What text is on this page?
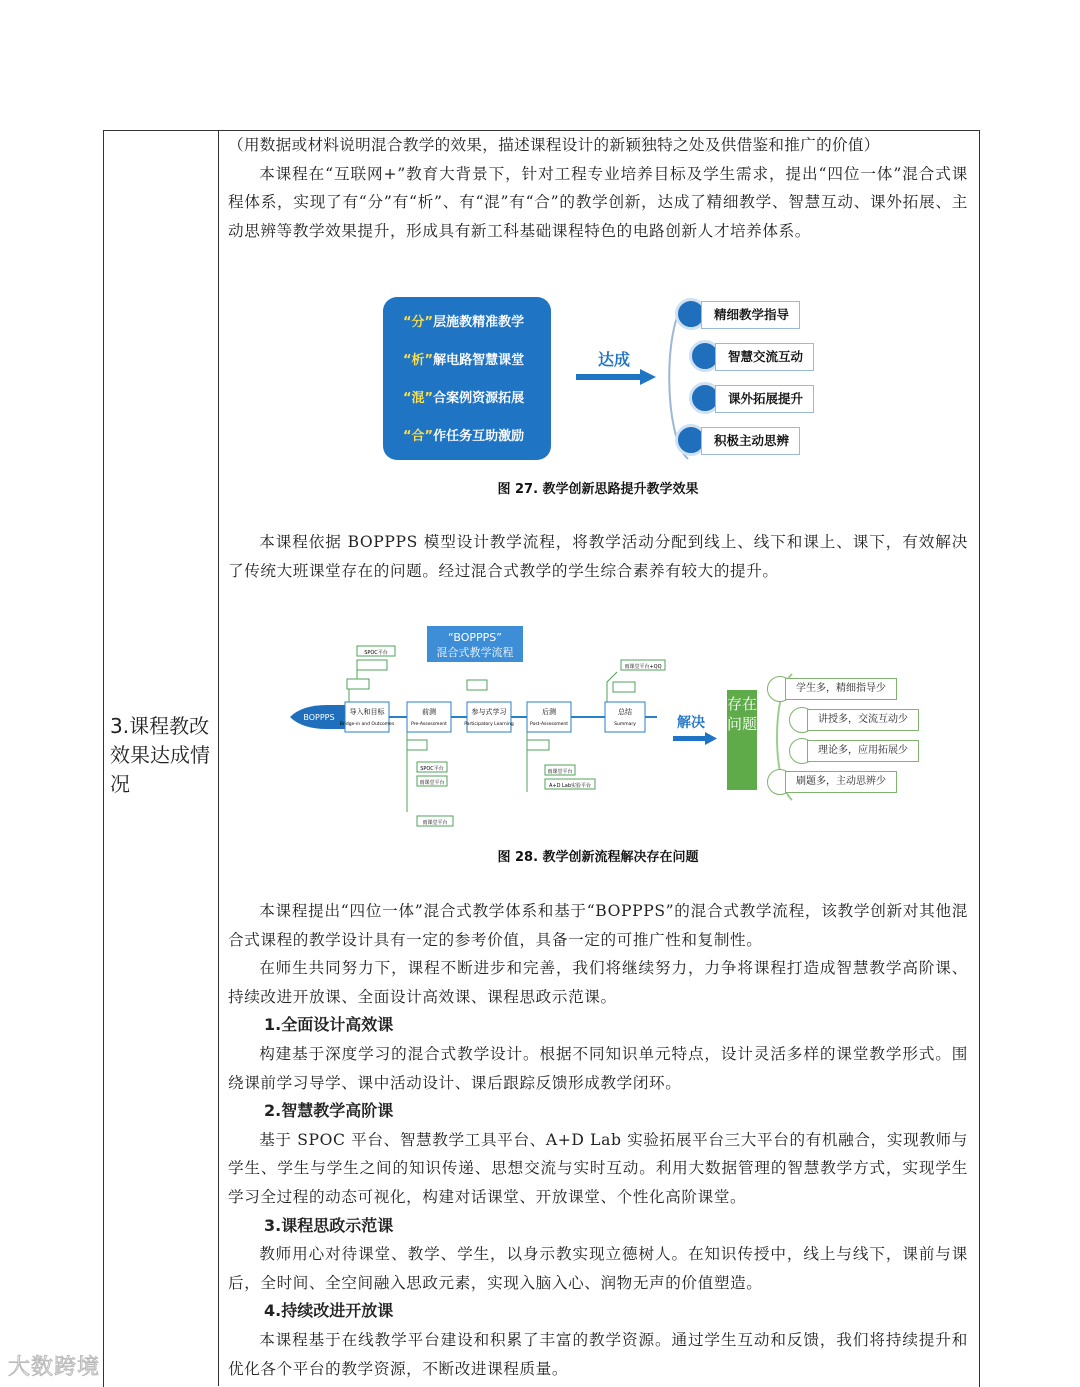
3.课程教改效果达成情况

（用数据或材料说明混合教学的效果，描述课程设计的新颖独特之处及供借鉴和推广的价值）

本课程在“互联网+”教育大背景下，针对工程专业培养目标及学生需求，提出“四位一体”混合式课程体系，实现了有“分”有“析”、有“混”有“合”的教学创新，达成了精细教学、智慧互动、课外拓展、主动思辨等教学效果提升，形成具有新工科基础课程特色的电路创新人才培养体系。

“分”层施教精准教学
“析”解电路智慧课堂
“混”合案例资源拓展
“合”作任务互助激励
达成
精细教学指导
智慧交流互动
课外拓展提升
积极主动思辨
图 27. 教学创新思路提升教学效果

本课程依据 BOPPPS 模型设计教学流程，将教学活动分配到线上、线下和课上、课下，有效解决了传统大班课堂存在的问题。经过混合式教学的学生综合素养有较大的提升。

“BOPPPS”
混合式教学流程
BOPPPS
导入和目标
Bridge-in and Outcomes
前测
Pre-Assessment
参与式学习
Participatory Learning
后测
Post-Assessment
总结
Summary
SPOC平台
雨课堂平台+QQ
SPOC平台
雨课堂平台
雨课堂平台
雨课堂平台
A+D Lab实验平台
解决
存在问题
学生多，精细指导少
讲授多，交流互动少
理论多，应用拓展少
刷题多，主动思辨少
图 28. 教学创新流程解决存在问题

本课程提出“四位一体”混合式教学体系和基于“BOPPPS”的混合式教学流程，该教学创新对其他混合式课程的教学设计具有一定的参考价值，具备一定的可推广性和复制性。

在师生共同努力下，课程不断进步和完善，我们将继续努力，力争将课程打造成智慧教学高阶课、持续改进开放课、全面设计高效课、课程思政示范课。

1.全面设计高效课

构建基于深度学习的混合式教学设计。根据不同知识单元特点，设计灵活多样的课堂教学形式。围绕课前学习导学、课中活动设计、课后跟踪反馈形成教学闭环。

2.智慧教学高阶课

基于 SPOC 平台、智慧教学工具平台、A+D Lab 实验拓展平台三大平台的有机融合，实现教师与学生、学生与学生之间的知识传递、思想交流与实时互动。利用大数据管理的智慧教学方式，实现学生学习全过程的动态可视化，构建对话课堂、开放课堂、个性化高阶课堂。

3.课程思政示范课

教师用心对待课堂、教学、学生，以身示教实现立德树人。在知识传授中，线上与线下，课前与课后，全时间、全空间融入思政元素，实现入脑入心、润物无声的价值塑造。

4.持续改进开放课

本课程基于在线教学平台建设和积累了丰富的教学资源。通过学生互动和反馈，我们将持续提升和优化各个平台的教学资源，不断改进课程质量。

大数跨境
